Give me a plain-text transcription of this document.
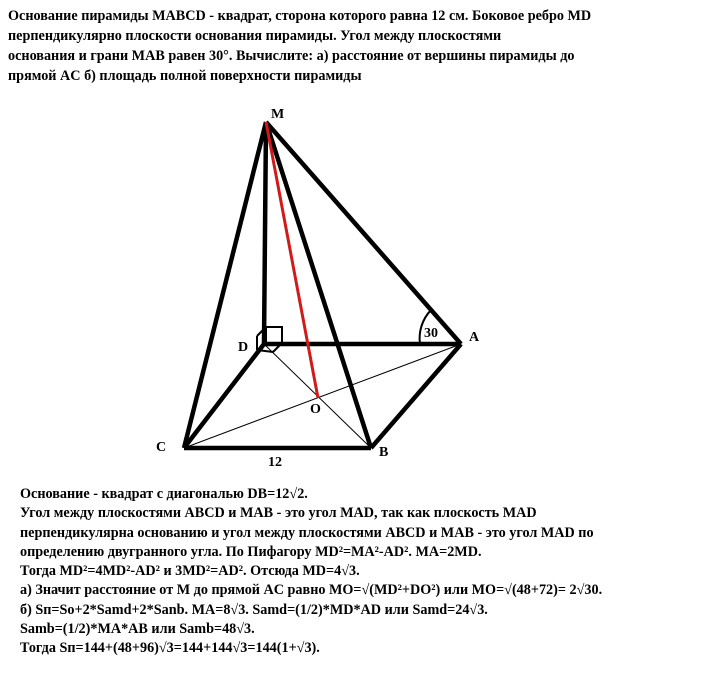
Основание пирамиды MABCD - квадрат, сторона которого равна 12 см. Боковое ребро MD
перпендикулярно плоскости основания пирамиды. Угол между плоскостями
основания и грани MAB равен 30°. Вычислите: а) расстояние от вершины пирамиды до
прямой AC б) площадь полной поверхности пирамиды
M
A
D
C	B
O
30
12
Основание - квадрат с диагональю DB=12√2.
Угол между плоскостями ABCD и MAB - это угол MAD, так как плоскость MAD
перпендикулярна основанию и угол между плоскостями ABCD и MAB - это угол MAD по
определению двугранного угла. По Пифагору MD²=MA²-AD². MA=2MD.
Тогда MD²=4MD²-AD² и 3MD²=AD². Отсюда MD=4√3.
а) Значит расстояние от M до прямой AC равно MO=√(MD²+DO²) или MO=√(48+72)= 2√30.
б) Sп=So+2*Samd+2*Sanb. MA=8√3. Samd=(1/2)*MD*AD или Samd=24√3.
Samb=(1/2)*MA*AB или Samb=48√3.
Тогда Sп=144+(48+96)√3=144+144√3=144(1+√3).
